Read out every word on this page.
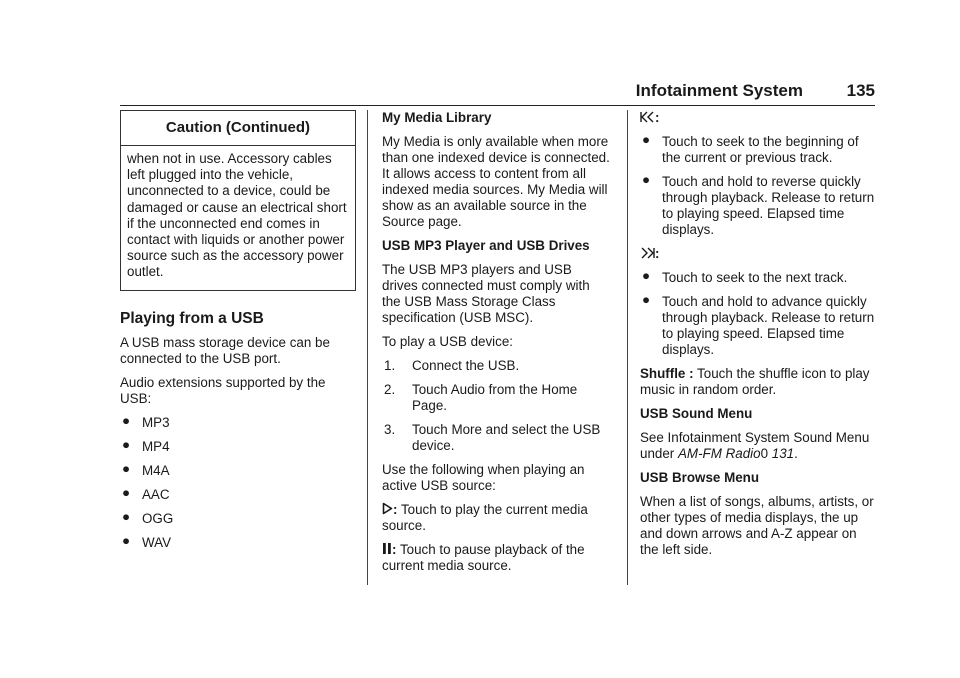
Infotainment System	135
Caution (Continued)
when not in use. Accessory cables left plugged into the vehicle, unconnected to a device, could be damaged or cause an electrical short if the unconnected end comes in contact with liquids or another power source such as the accessory power outlet.
Playing from a USB

A USB mass storage device can be connected to the USB port.

Audio extensions supported by the USB:

● MP3
● MP4
● M4A
● AAC
● OGG
● WAV

My Media Library

My Media is only available when more than one indexed device is connected. It allows access to content from all indexed media sources. My Media will show as an available source in the Source page.

USB MP3 Player and USB Drives

The USB MP3 players and USB drives connected must comply with the USB Mass Storage Class specification (USB MSC).

To play a USB device:

1. Connect the USB.
2. Touch Audio from the Home Page.
3. Touch More and select the USB device.

Use the following when playing an active USB source:

: Touch to play the current media source.

: Touch to pause playback of the current media source.

:

● Touch to seek to the beginning of the current or previous track.
● Touch and hold to reverse quickly through playback. Release to return to playing speed. Elapsed time displays.

:

● Touch to seek to the next track.
● Touch and hold to advance quickly through playback. Release to return to playing speed. Elapsed time displays.

Shuffle : Touch the shuffle icon to play music in random order.

USB Sound Menu

See Infotainment System Sound Menu under AM-FM Radio0 131.

USB Browse Menu

When a list of songs, albums, artists, or other types of media displays, the up and down arrows and A-Z appear on the left side.
